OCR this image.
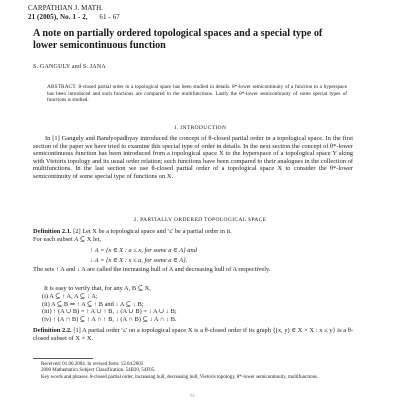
CARPATHIAN J. MATH.
21 (2005), No. 1 - 2, 61 - 67
A note on partially ordered topological spaces and a special type of lower semicontinuous function
S. GANGULY and S. JANA
ABSTRACT. θ-closed partial order in a topological space has been studied in details. θ*-lower semicontinuity of a function to a hyperspace has been introduced and such functions are compared to the multifunctions. Lastly the θ*-lower semicontinuity of some special types of functions is studied.
1. INTRODUCTION
In [1] Ganguly and Bandyopadhyay introduced the concept of θ-closed partial order in a topological space. In the first section of the paper we have tried to examine this special type of order in details. In the next section the concept of θ*-lower semicontinuous function has been introduced from a topological space X to the hyperspace of a topological space Y along with Vietoris topology and its usual order relation; such functions have been compared to their analogues in the collection of multifunctions. In the last section we use θ-closed partial order of a topological space X to consider the θ*-lower semicontinuity of some special type of functions on X.
2. PARTIALLY ORDERED TOPOLOGICAL SPACE
Definition 2.1. [2] Let X be a topological space and '≤' be a partial order in it.
For each subset A ⊆ X let,
↑ A = {x ∈ X : a ≤ x, for some a ∈ A} and
↓ A = {x ∈ X : x ≤ a, for some a ∈ A}.
The sets ↑ A and ↓ A are called the increasing hull of A and decreasing hull of A respectively.
It is easy to verify that, for any A, B ⊆ X,
(i) A ⊆ ↑ A, A ⊆ ↓ A;
(ii) A ⊆ B ⇒ ↑ A ⊆ ↑ B and ↓ A ⊆ ↓ B;
(iii) ↑ (A ∪ B) = ↑ A ∪ ↑ B, ↓ (A ∪ B) = ↓ A ∪ ↓ B;
(iv) ↑ (A ∩ B) ⊆ ↑ A ∩ ↑ B, ↓ (A ∩ B) ⊆ ↓ A ∩ ↓ B.
Definition 2.2. [1] A partial order '≤' on a topological space X is a θ-closed order if its graph {(x, y) ∈ X × X : x ≤ y} is a θ-closed subset of X × X.
Received: 01.06.2004. In revised form: 12.04.2005
2000 Mathematics Subject Classification. 54B20, 54F05.
Key words and phrases. θ-closed partial order, increasing hull, decreasing hull, Vietoris topology, θ*-lower semicontinuity, multifunctions.
61
